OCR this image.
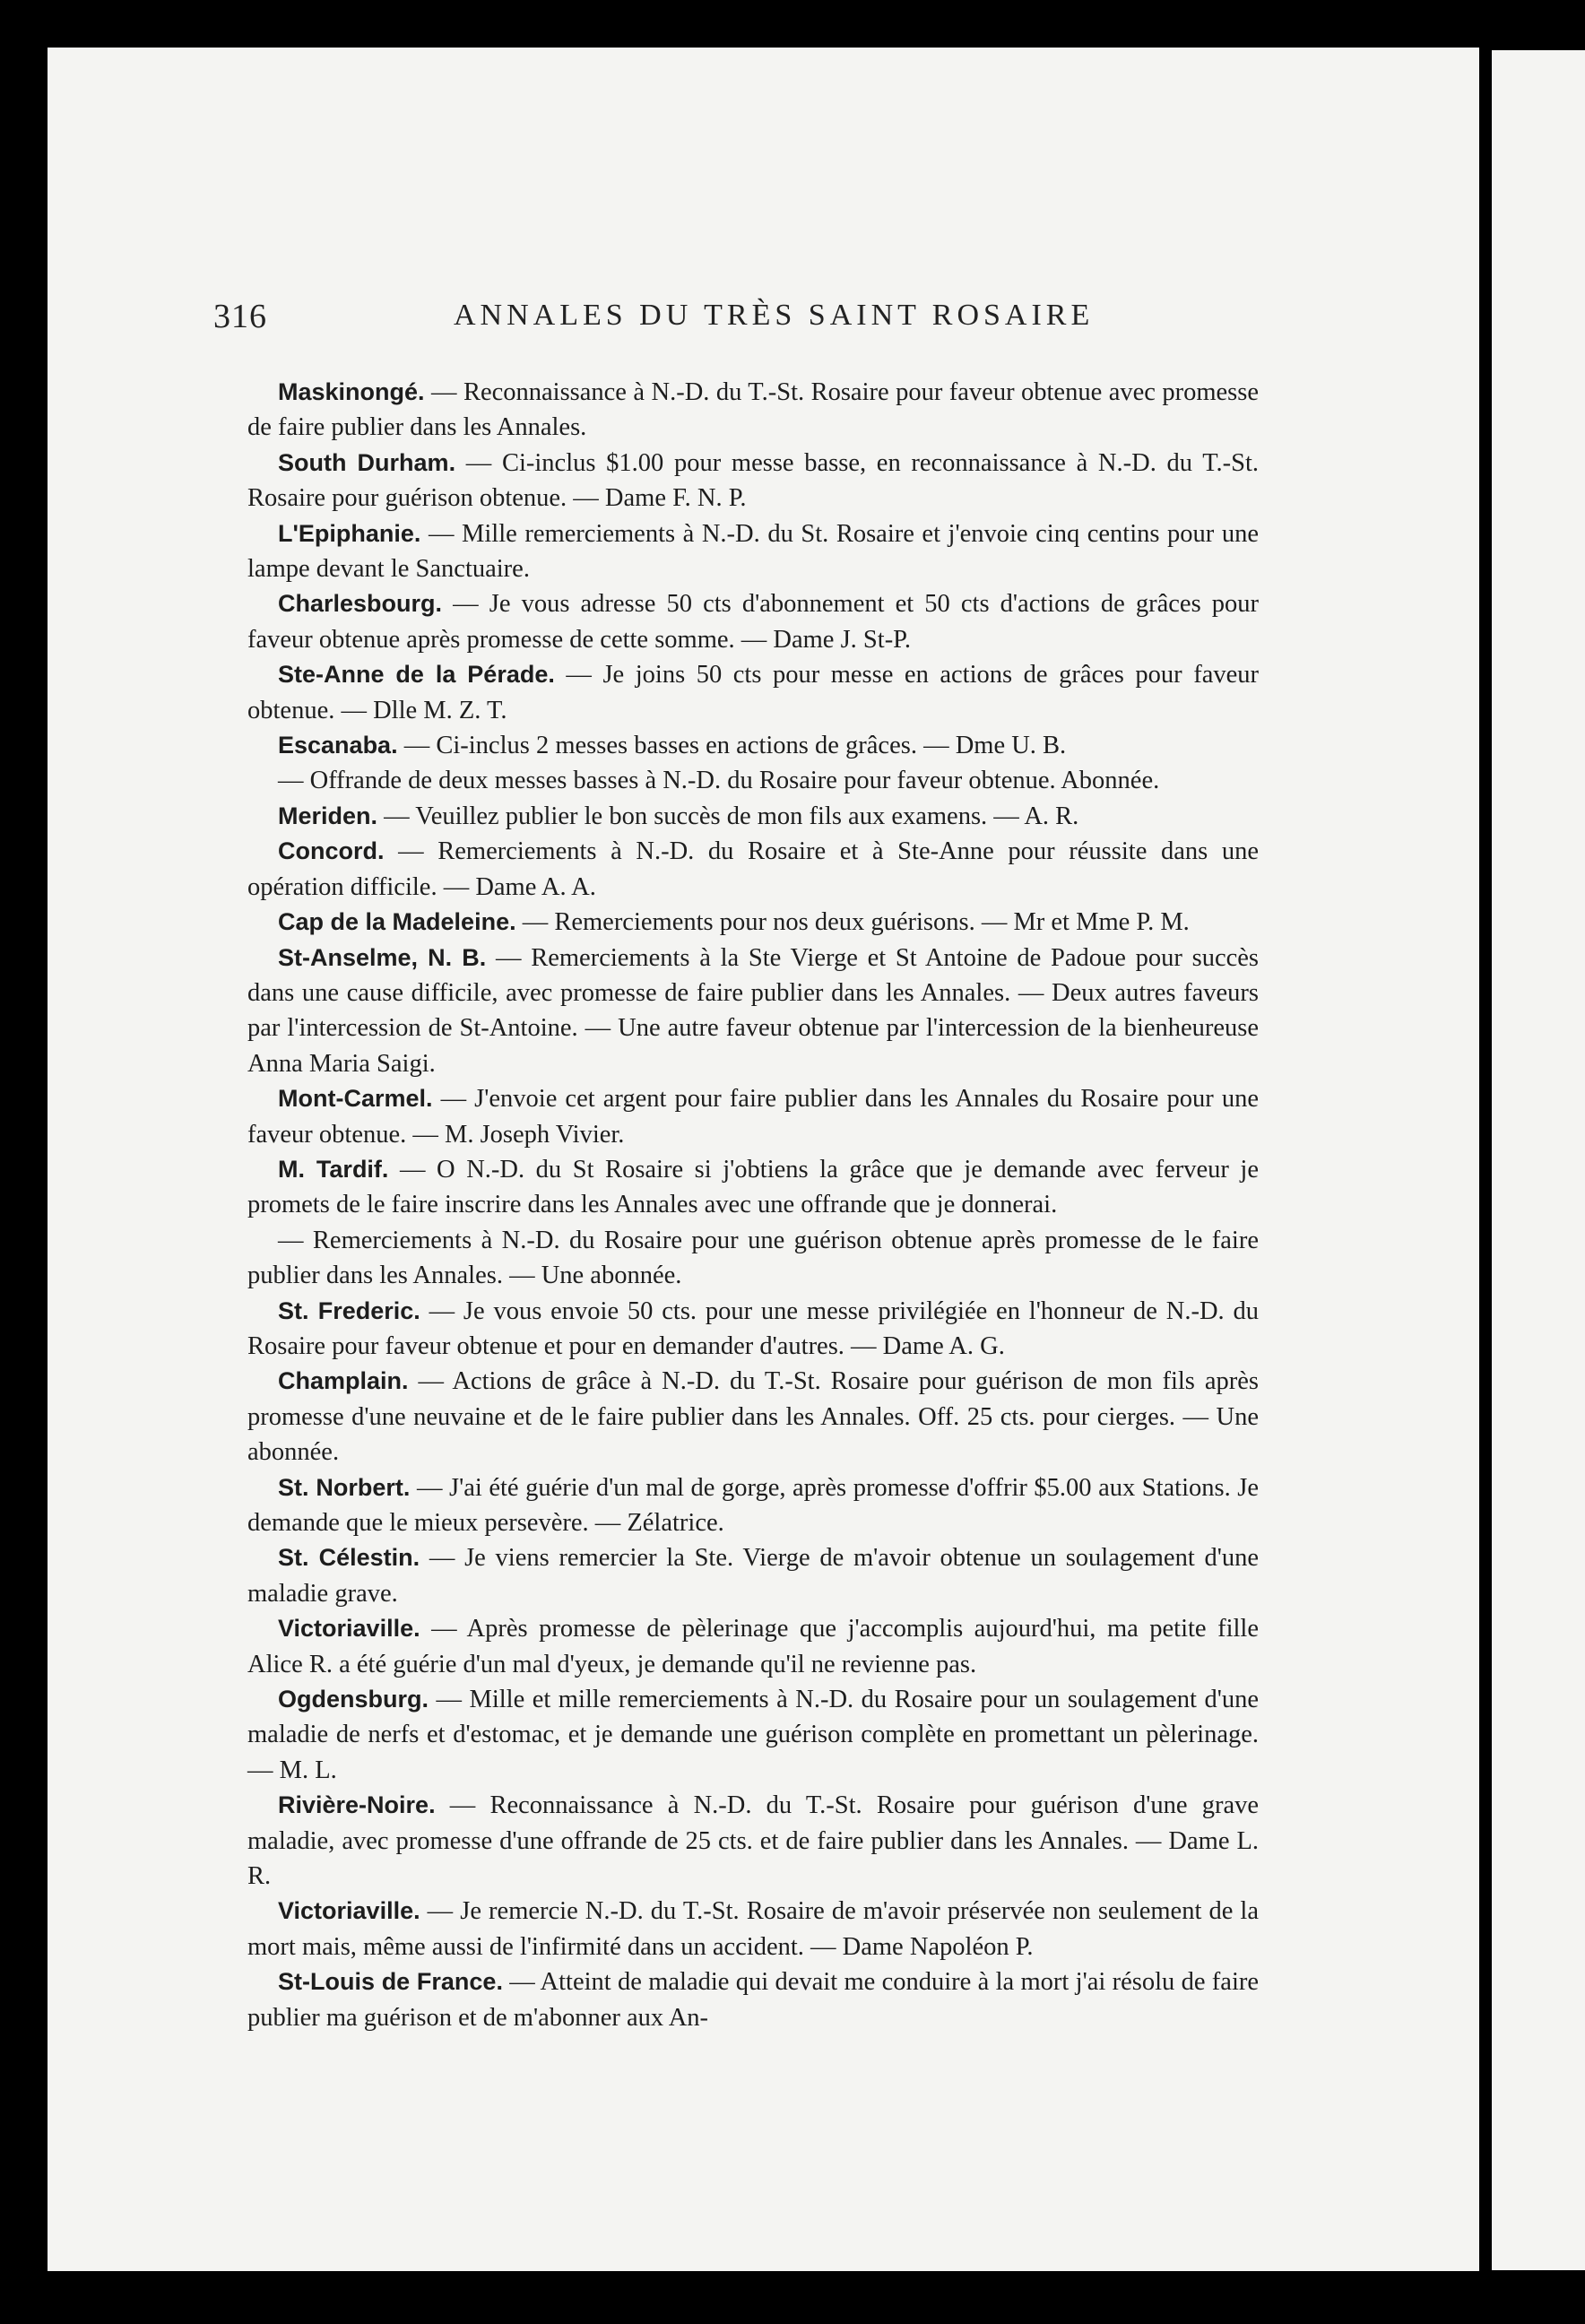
316	ANNALES DU TRÈS SAINT ROSAIRE

Maskinongé. — Reconnaissance à N.-D. du T.-St. Rosaire pour faveur obtenue avec promesse de faire publier dans les Annales.

South Durham. — Ci-inclus $1.00 pour messe basse, en reconnaissance à N.-D. du T.-St. Rosaire pour guérison obtenue. — Dame F. N. P.

L'Epiphanie. — Mille remerciements à N.-D. du St. Rosaire et j'envoie cinq centins pour une lampe devant le Sanctuaire.

Charlesbourg. — Je vous adresse 50 cts d'abonnement et 50 cts d'actions de grâces pour faveur obtenue après promesse de cette somme. — Dame J. St-P.

Ste-Anne de la Pérade. — Je joins 50 cts pour messe en actions de grâces pour faveur obtenue. — Dlle M. Z. T.

Escanaba. — Ci-inclus 2 messes basses en actions de grâces. — Dme U. B.

— Offrande de deux messes basses à N.-D. du Rosaire pour faveur obtenue. Abonnée.

Meriden. — Veuillez publier le bon succès de mon fils aux examens. — A. R.

Concord. — Remerciements à N.-D. du Rosaire et à Ste-Anne pour réussite dans une opération difficile. — Dame A. A.

Cap de la Madeleine. — Remerciements pour nos deux guérisons. — Mr et Mme P. M.

St-Anselme, N. B. — Remerciements à la Ste Vierge et St Antoine de Padoue pour succès dans une cause difficile, avec promesse de faire publier dans les Annales. — Deux autres faveurs par l'intercession de St-Antoine. — Une autre faveur obtenue par l'intercession de la bienheureuse Anna Maria Saigi.

Mont-Carmel. — J'envoie cet argent pour faire publier dans les Annales du Rosaire pour une faveur obtenue. — M. Joseph Vivier.

M. Tardif. — O N.-D. du St Rosaire si j'obtiens la grâce que je demande avec ferveur je promets de le faire inscrire dans les Annales avec une offrande que je donnerai.

— Remerciements à N.-D. du Rosaire pour une guérison obtenue après promesse de le faire publier dans les Annales. — Une abonnée.

St. Frederic. — Je vous envoie 50 cts. pour une messe privilégiée en l'honneur de N.-D. du Rosaire pour faveur obtenue et pour en demander d'autres. — Dame A. G.

Champlain. — Actions de grâce à N.-D. du T.-St. Rosaire pour guérison de mon fils après promesse d'une neuvaine et de le faire publier dans les Annales. Off. 25 cts. pour cierges. — Une abonnée.

St. Norbert. — J'ai été guérie d'un mal de gorge, après promesse d'offrir $5.00 aux Stations. Je demande que le mieux persevère. — Zélatrice.

St. Célestin. — Je viens remercier la Ste. Vierge de m'avoir obtenue un soulagement d'une maladie grave.

Victoriaville. — Après promesse de pèlerinage que j'accomplis aujourd'hui, ma petite fille Alice R. a été guérie d'un mal d'yeux, je demande qu'il ne revienne pas.

Ogdensburg. — Mille et mille remerciements à N.-D. du Rosaire pour un soulagement d'une maladie de nerfs et d'estomac, et je demande une guérison complète en promettant un pèlerinage. — M. L.

Rivière-Noire. — Reconnaissance à N.-D. du T.-St. Rosaire pour guérison d'une grave maladie, avec promesse d'une offrande de 25 cts. et de faire publier dans les Annales. — Dame L. R.

Victoriaville. — Je remercie N.-D. du T.-St. Rosaire de m'avoir préservée non seulement de la mort mais, même aussi de l'infirmité dans un accident. — Dame Napoléon P.

St-Louis de France. — Atteint de maladie qui devait me conduire à la mort j'ai résolu de faire publier ma guérison et de m'abonner aux An-
